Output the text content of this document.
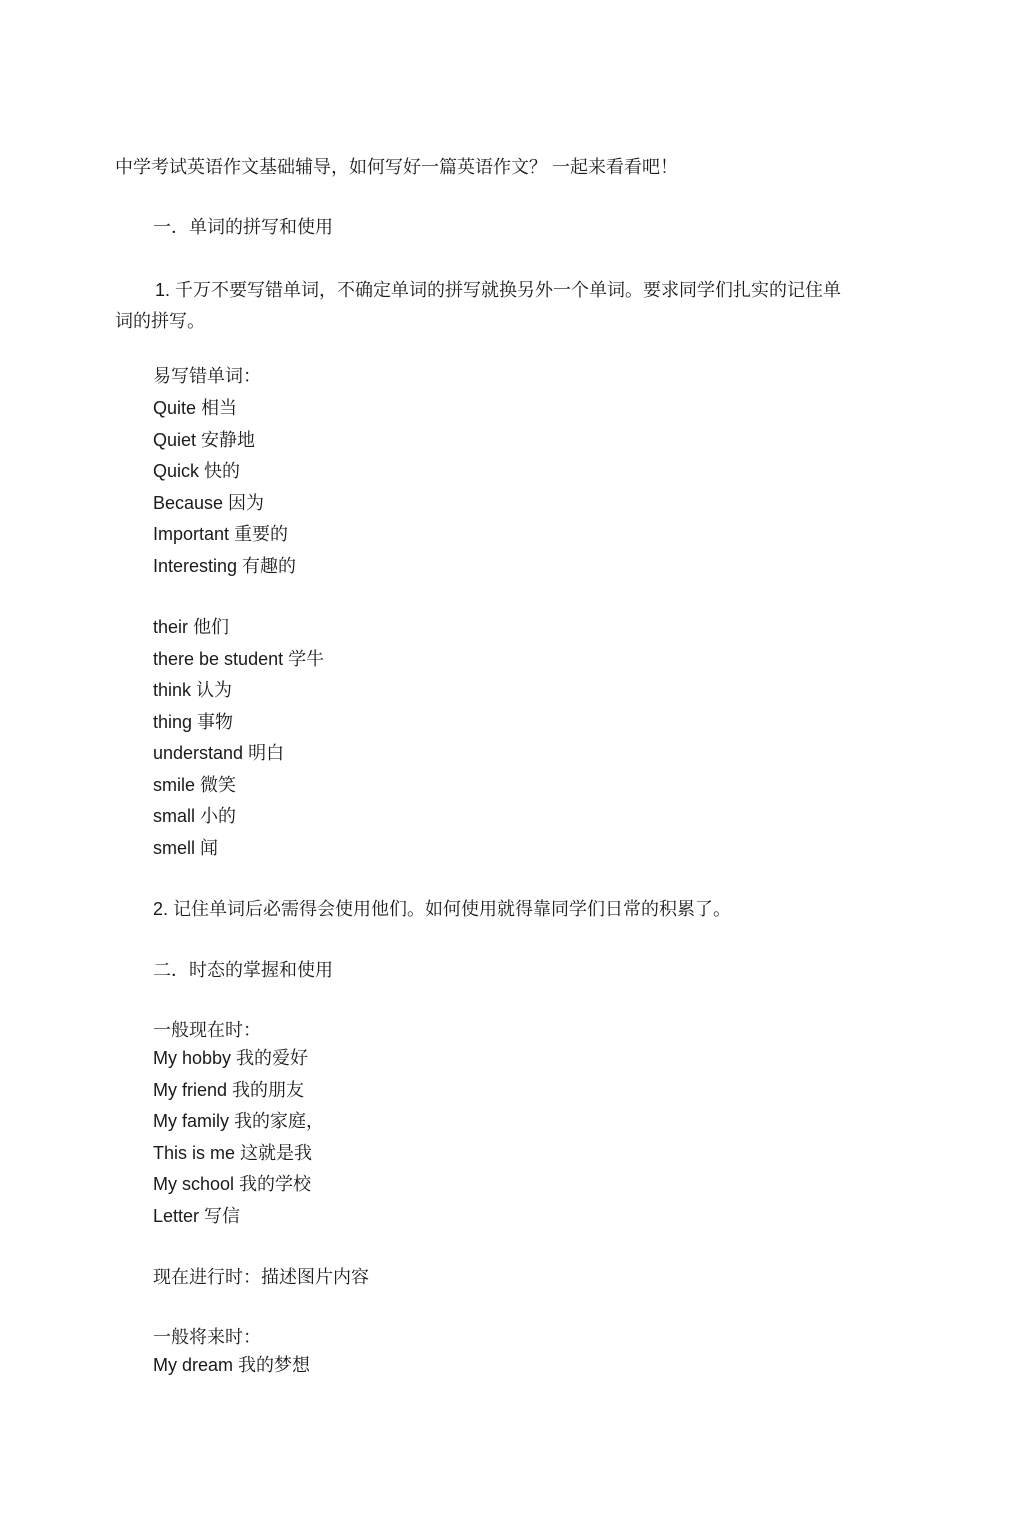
中学考试英语作文基础辅导，如何写好一篇英语作文？ 一起来看看吧！
一．单词的拼写和使用
1. 千万不要写错单词，不确定单词的拼写就换另外一个单词。要求同学们扎实的记住单
词的拼写。
易写错单词：
Quite 相当
Quiet 安静地
Quick 快的
Because 因为
Important 重要的
Interesting 有趣的
their 他们
there be student 学牛
think 认为
thing 事物
understand 明白
smile 微笑
small 小的
smell 闻
2. 记住单词后必需得会使用他们。如何使用就得靠同学们日常的积累了。
二．时态的掌握和使用
一般现在时：
My hobby 我的爱好
My friend 我的朋友
My family 我的家庭，
This is me 这就是我
My school 我的学校
Letter 写信
现在进行时：描述图片内容
一般将来时：
My dream 我的梦想
